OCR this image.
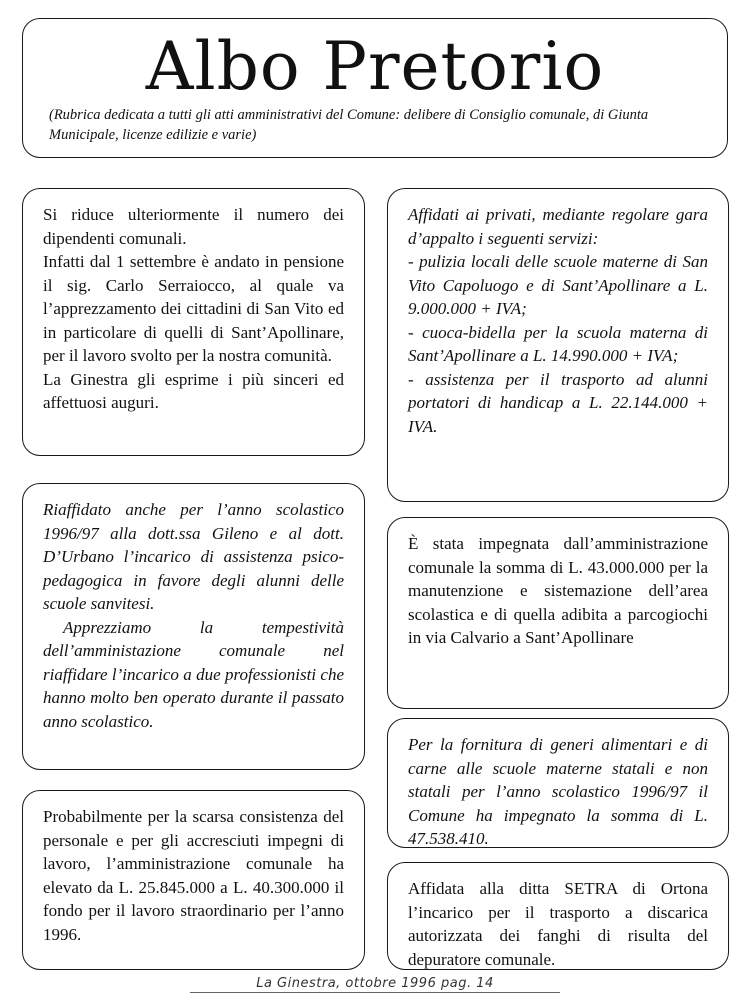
Albo Pretorio

(Rubrica dedicata a tutti gli atti amministrativi del Comune: delibere di Consiglio comunale, di Giunta Municipale, licenze edilizie e varie)

Si riduce ulteriormente il numero dei dipendenti comunali.

Infatti dal 1 settembre è andato in pensione il sig. Carlo Serraiocco, al quale va l’apprezzamento dei cittadini di San Vito ed in particolare di quelli di Sant’Apollinare, per il lavoro svolto per la nostra comunità.

La Ginestra gli esprime i più sinceri ed affettuosi auguri.

Riaffidato anche per l’anno scolastico 1996/97 alla dott.ssa Gileno e al dott. D’Urbano l’incarico di assistenza psico-pedagogica in favore degli alunni delle scuole sanvitesi.

Apprezziamo la tempestività dell’amministazione comunale nel riaffidare l’incarico a due professionisti che hanno molto ben operato durante il passato anno scolastico.

Probabilmente per la scarsa consistenza del personale e per gli accresciuti impegni di lavoro, l’amministrazione comunale ha elevato da L. 25.845.000 a L. 40.300.000 il fondo per il lavoro straordinario per l’anno 1996.

Affidati ai privati, mediante regolare gara d’appalto i seguenti servizi:

- pulizia locali delle scuole materne di San Vito Capoluogo e di Sant’Apollinare a L. 9.000.000 + IVA;

- cuoca-bidella per la scuola materna di Sant’Apollinare a L. 14.990.000 + IVA;

- assistenza per il trasporto ad alunni portatori di handicap a L. 22.144.000 + IVA.

È stata impegnata dall’amministrazione comunale la somma di L. 43.000.000 per la manutenzione e sistemazione dell’area scolastica e di quella adibita a parcogiochi in via Calvario a Sant’Apollinare

Per la fornitura di generi alimentari e di carne alle scuole materne statali e non statali per l’anno scolastico 1996/97 il Comune ha impegnato la somma di L. 47.538.410.

Affidata alla ditta SETRA di Ortona l’incarico per il trasporto a discarica autorizzata dei fanghi di risulta del depuratore comunale.

La Ginestra, ottobre 1996 pag. 14
